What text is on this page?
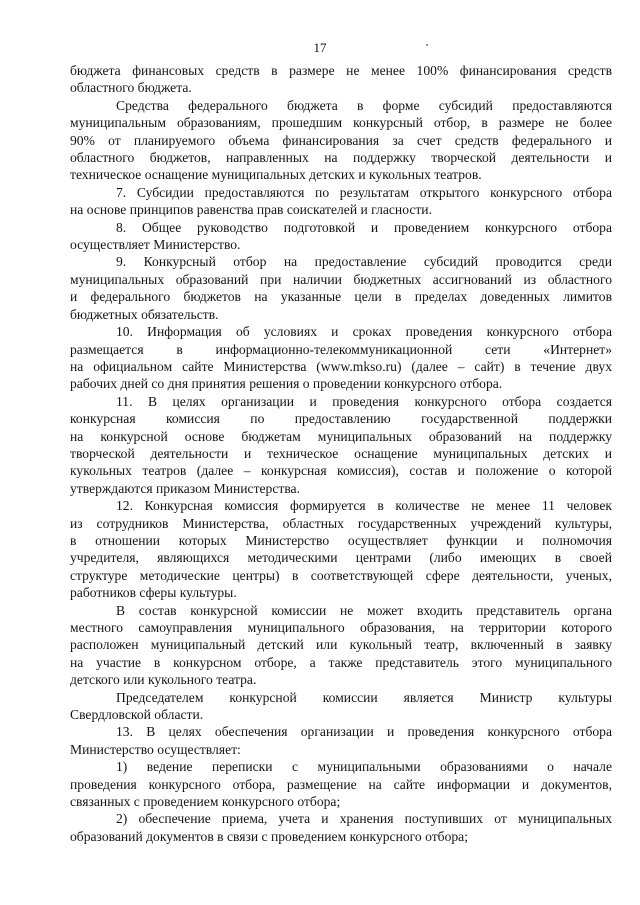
17
бюджета финансовых средств в размере не менее 100% финансирования средств
областного бюджета.
Средства федерального бюджета в форме субсидий предоставляются
муниципальным образованиям, прошедшим конкурсный отбор, в размере не более
90% от планируемого объема финансирования за счет средств федерального и
областного бюджетов, направленных на поддержку творческой деятельности и
техническое оснащение муниципальных детских и кукольных театров.
7. Субсидии предоставляются по результатам открытого конкурсного отбора
на основе принципов равенства прав соискателей и гласности.
8. Общее руководство подготовкой и проведением конкурсного отбора
осуществляет Министерство.
9. Конкурсный отбор на предоставление субсидий проводится среди
муниципальных образований при наличии бюджетных ассигнований из областного
и федерального бюджетов на указанные цели в пределах доведенных лимитов
бюджетных обязательств.
10. Информация об условиях и сроках проведения конкурсного отбора
размещается в информационно-телекоммуникационной сети «Интернет»
на официальном сайте Министерства (www.mkso.ru) (далее – сайт) в течение двух
рабочих дней со дня принятия решения о проведении конкурсного отбора.
11. В целях организации и проведения конкурсного отбора создается
конкурсная комиссия по предоставлению государственной поддержки
на конкурсной основе бюджетам муниципальных образований на поддержку
творческой деятельности и техническое оснащение муниципальных детских и
кукольных театров (далее – конкурсная комиссия), состав и положение о которой
утверждаются приказом Министерства.
12. Конкурсная комиссия формируется в количестве не менее 11 человек
из сотрудников Министерства, областных государственных учреждений культуры,
в отношении которых Министерство осуществляет функции и полномочия
учредителя, являющихся методическими центрами (либо имеющих в своей
структуре методические центры) в соответствующей сфере деятельности, ученых,
работников сферы культуры.
В состав конкурсной комиссии не может входить представитель органа
местного самоуправления муниципального образования, на территории которого
расположен муниципальный детский или кукольный театр, включенный в заявку
на участие в конкурсном отборе, а также представитель этого муниципального
детского или кукольного театра.
Председателем конкурсной комиссии является Министр культуры
Свердловской области.
13. В целях обеспечения организации и проведения конкурсного отбора
Министерство осуществляет:
1) ведение переписки с муниципальными образованиями о начале
проведения конкурсного отбора, размещение на сайте информации и документов,
связанных с проведением конкурсного отбора;
2) обеспечение приема, учета и хранения поступивших от муниципальных
образований документов в связи с проведением конкурсного отбора;
